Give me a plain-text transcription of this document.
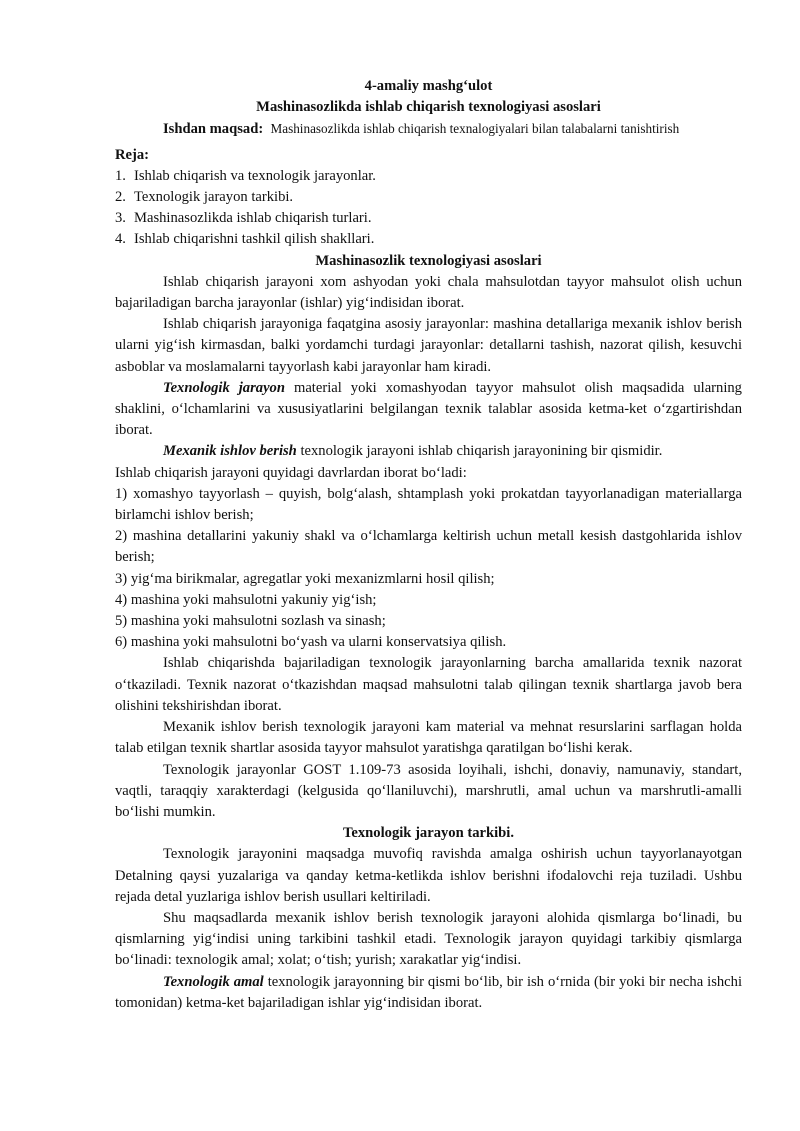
4-amaliy mashg‘ulot
Mashinasozlikda ishlab chiqarish texnologiyasi asoslari
Ishdan maqsad: Mashinasozlikda ishlab chiqarish texnalogiyalari bilan talabalarni tanishtirish
Reja:
1. Ishlab chiqarish va texnologik jarayonlar.
2. Texnologik jarayon tarkibi.
3. Mashinasozlikda ishlab chiqarish turlari.
4. Ishlab chiqarishni tashkil qilish shakllari.
Mashinasozlik texnologiyasi asoslari
Ishlab chiqarish jarayoni xom ashyodan yoki chala mahsulotdan tayyor mahsulot olish uchun bajariladigan barcha jarayonlar (ishlar) yig‘indisidan iborat.
Ishlab chiqarish jarayoniga faqatgina asosiy jarayonlar: mashina detallariga mexanik ishlov berish ularni yig‘ish kirmasdan, balki yordamchi turdagi jarayonlar: detallarni tashish, nazorat qilish, kesuvchi asboblar va moslamalarni tayyorlash kabi jarayonlar ham kiradi.
Texnologik jarayon material yoki xomashyodan tayyor mahsulot olish maqsadida ularning shaklini, o‘lchamlarini va xususiyatlarini belgilangan texnik talablar asosida ketma-ket o‘zgartirishdan iborat.
Mexanik ishlov berish texnologik jarayoni ishlab chiqarish jarayonining bir qismidir.
Ishlab chiqarish jarayoni quyidagi davrlardan iborat bo‘ladi:
1) xomashyo tayyorlash – quyish, bolg‘alash, shtamplash yoki prokatdan tayyorlanadigan materiallarga birlamchi ishlov berish;
2) mashina detallarini yakuniy shakl va o‘lchamlarga keltirish uchun metall kesish dastgohlarida ishlov berish;
3) yig‘ma birikmalar, agregatlar yoki mexanizmlarni hosil qilish;
4) mashina yoki mahsulotni yakuniy yig‘ish;
5) mashina yoki mahsulotni sozlash va sinash;
6) mashina yoki mahsulotni bo‘yash va ularni konservatsiya qilish.
Ishlab chiqarishda bajariladigan texnologik jarayonlarning barcha amallarida texnik nazorat o‘tkaziladi. Texnik nazorat o‘tkazishdan maqsad mahsulotni talab qilingan texnik shartlarga javob bera olishini tekshirishdan iborat.
Mexanik ishlov berish texnologik jarayoni kam material va mehnat resurslarini sarflagan holda talab etilgan texnik shartlar asosida tayyor mahsulot yaratishga qaratilgan bo‘lishi kerak.
Texnologik jarayonlar GOST 1.109-73 asosida loyihali, ishchi, donaviy, namunaviy, standart, vaqtli, taraqqiy xarakterdagi (kelgusida qo‘llaniluvchi), marshrutli, amal uchun va marshrutli-amalli bo‘lishi mumkin.
Texnologik jarayon tarkibi.
Texnologik jarayonini maqsadga muvofiq ravishda amalga oshirish uchun tayyorlanayotgan Detalning qaysi yuzalariga va qanday ketma-ketlikda ishlov berishni ifodalovchi reja tuziladi. Ushbu rejada detal yuzlariga ishlov berish usullari keltiriladi.
Shu maqsadlarda mexanik ishlov berish texnologik jarayoni alohida qismlarga bo‘linadi, bu qismlarning yig‘indisi uning tarkibini tashkil etadi. Texnologik jarayon quyidagi tarkibiy qismlarga bo‘linadi: texnologik amal; xolat; o‘tish; yurish; xarakatlar yig‘indisi.
Texnologik amal texnologik jarayonning bir qismi bo‘lib, bir ish o‘rnida (bir yoki bir necha ishchi tomonidan) ketma-ket bajariladigan ishlar yig‘indisidan iborat.
